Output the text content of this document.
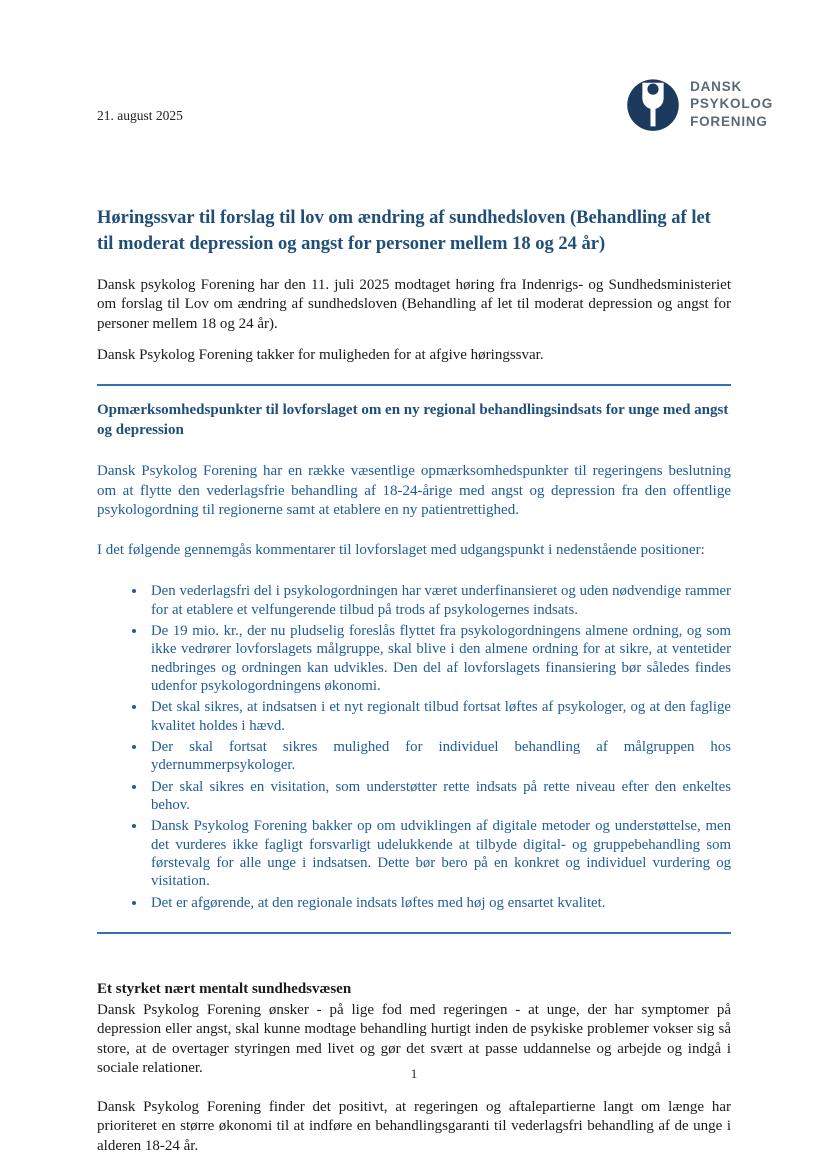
21. august 2025
DANSK
PSYKOLOG
FORENING
Høringssvar til forslag til lov om ændring af sundhedsloven (Behandling af let til moderat depression og angst for personer mellem 18 og 24 år)

Dansk psykolog Forening har den 11. juli 2025 modtaget høring fra Indenrigs- og Sundhedsministeriet om forslag til Lov om ændring af sundhedsloven (Behandling af let til moderat depression og angst for personer mellem 18 og 24 år).

Dansk Psykolog Forening takker for muligheden for at afgive høringssvar.

Opmærksomhedspunkter til lovforslaget om en ny regional behandlingsindsats for unge med angst og depression

Dansk Psykolog Forening har en række væsentlige opmærksomhedspunkter til regeringens beslutning om at flytte den vederlagsfrie behandling af 18-24-årige med angst og depression fra den offentlige psykologordning til regionerne samt at etablere en ny patientrettighed.

I det følgende gennemgås kommentarer til lovforslaget med udgangspunkt i nedenstående positioner:

• Den vederlagsfri del i psykologordningen har været underfinansieret og uden nødvendige rammer for at etablere et velfungerende tilbud på trods af psykologernes indsats.
• De 19 mio. kr., der nu pludselig foreslås flyttet fra psykologordningens almene ordning, og som ikke vedrører lovforslagets målgruppe, skal blive i den almene ordning for at sikre, at ventetider nedbringes og ordningen kan udvikles. Den del af lovforslagets finansiering bør således findes udenfor psykologordningens økonomi.
• Det skal sikres, at indsatsen i et nyt regionalt tilbud fortsat løftes af psykologer, og at den faglige kvalitet holdes i hævd.
• Der skal fortsat sikres mulighed for individuel behandling af målgruppen hos ydernummerpsykologer.
• Der skal sikres en visitation, som understøtter rette indsats på rette niveau efter den enkeltes behov.
• Dansk Psykolog Forening bakker op om udviklingen af digitale metoder og understøttelse, men det vurderes ikke fagligt forsvarligt udelukkende at tilbyde digital- og gruppebehandling som førstevalg for alle unge i indsatsen. Dette bør bero på en konkret og individuel vurdering og visitation.
• Det er afgørende, at den regionale indsats løftes med høj og ensartet kvalitet.
Et styrket nært mentalt sundhedsvæsen

Dansk Psykolog Forening ønsker - på lige fod med regeringen - at unge, der har symptomer på depression eller angst, skal kunne modtage behandling hurtigt inden de psykiske problemer vokser sig så store, at de overtager styringen med livet og gør det svært at passe uddannelse og arbejde og indgå i sociale relationer.

Dansk Psykolog Forening finder det positivt, at regeringen og aftalepartierne langt om længe har prioriteret en større økonomi til at indføre en behandlingsgaranti til vederlagsfri behandling af de unge i alderen 18-24 år.

1
